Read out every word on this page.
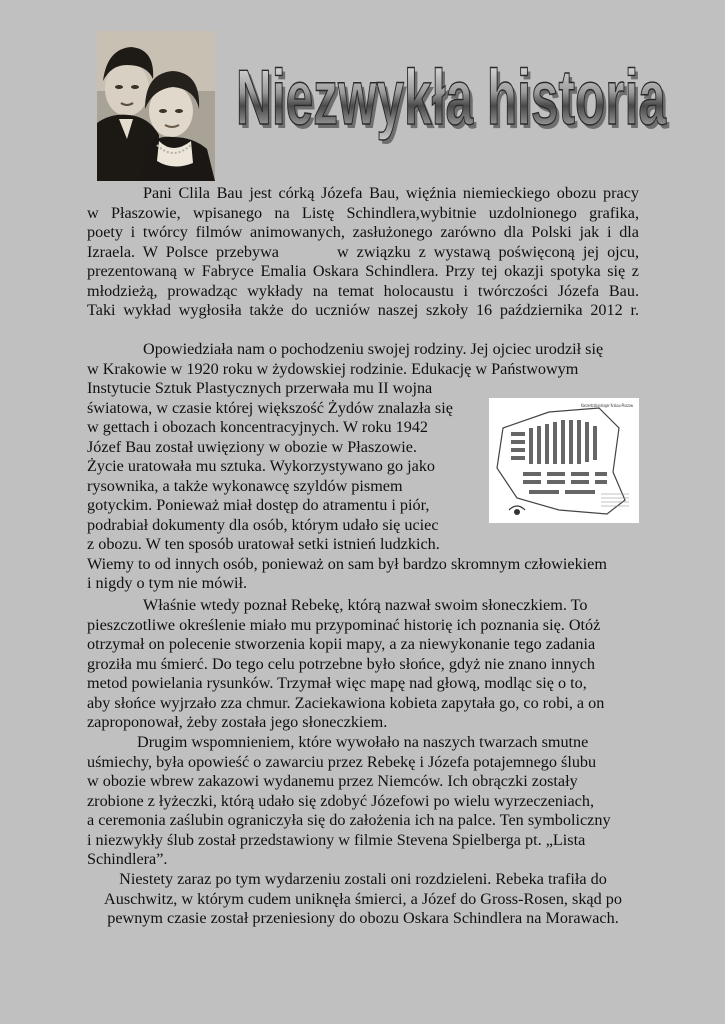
Niezwykła historia
Niezwykła historia
Pani Clila Bau jest córką Józefa Bau, więźnia niemieckiego obozu pracy
w Płaszowie, wpisanego na Listę Schindlera,wybitnie uzdolnionego grafika,
poety i twórcy filmów animowanych, zasłużonego zarówno dla Polski jak i dla
Izraela. W Polsce przebywa	w związku z wystawą poświęconą jej ojcu,
prezentowaną w Fabryce Emalia Oskara Schindlera. Przy tej okazji spotyka się z
młodzieżą, prowadząc wykłady na temat holocaustu i twórczości Józefa Bau.
Taki wykład wygłosiła także do uczniów naszej szkoły 16 października 2012 r.
Opowiedziała nam o pochodzeniu swojej rodziny. Jej ojciec urodził się
w Krakowie w 1920 roku w żydowskiej rodzinie. Edukację w Państwowym
Instytucie Sztuk Plastycznych przerwała mu II wojna
światowa, w czasie której większość Żydów znalazła się
w gettach i obozach koncentracyjnych. W roku 1942
Józef Bau został uwięziony w obozie w Płaszowie.
Życie uratowała mu sztuka. Wykorzystywano go jako
rysownika, a także wykonawcę szyldów pismem
gotyckim. Ponieważ miał dostęp do atramentu i piór,
podrabiał dokumenty dla osób, którym udało się uciec
z obozu. W ten sposób uratował setki istnień ludzkich.
Wiemy to od innych osób, ponieważ on sam był bardzo skromnym człowiekiem
i nigdy o tym nie mówił.
Konzentrationslager Krakau-Plaszow
Właśnie wtedy poznał Rebekę, którą nazwał swoim słoneczkiem. To
pieszczotliwe określenie miało mu przypominać historię ich poznania się. Otóż
otrzymał on polecenie stworzenia kopii mapy, a za niewykonanie tego zadania
groziła mu śmierć. Do tego celu potrzebne było słońce, gdyż nie znano innych
metod powielania rysunków. Trzymał więc mapę nad głową, modląc się o to,
aby słońce wyjrzało zza chmur. Zaciekawiona kobieta zapytała go, co robi, a on
zaproponował, żeby została jego słoneczkiem.
Drugim wspomnieniem, które wywołało na naszych twarzach smutne
uśmiechy, była opowieść o zawarciu przez Rebekę i Józefa potajemnego ślubu
w obozie wbrew zakazowi wydanemu przez Niemców. Ich obrączki zostały
zrobione z łyżeczki, którą udało się zdobyć Józefowi po wielu wyrzeczeniach,
a ceremonia zaślubin ograniczyła się do założenia ich na palce. Ten symboliczny
i niezwykły ślub został przedstawiony w filmie Stevena Spielberga pt. „Lista
Schindlera”.
Niestety zaraz po tym wydarzeniu zostali oni rozdzieleni. Rebeka trafiła do
Auschwitz, w którym cudem uniknęła śmierci, a Józef do Gross-Rosen, skąd po
pewnym czasie został przeniesiony do obozu Oskara Schindlera na Morawach.
